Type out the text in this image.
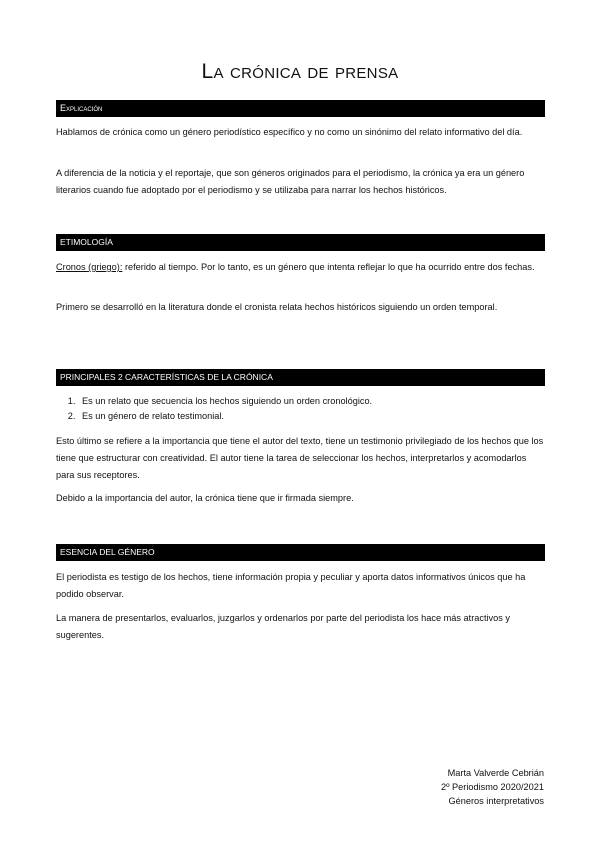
La crónica de prensa
Explicación

Hablamos de crónica como un género periodístico específico y no como un sinónimo del relato informativo del día.

A diferencia de la noticia y el reportaje, que son géneros originados para el periodismo, la crónica ya era un género literarios cuando fue adoptado por el periodismo y se utilizaba para narrar los hechos históricos.

ETIMOLOGÍA

Cronos (griego): referido al tiempo. Por lo tanto, es un género que intenta reflejar lo que ha ocurrido entre dos fechas.

Primero se desarrolló en la literatura donde el cronista relata hechos históricos siguiendo un orden temporal.

PRINCIPALES 2 CARACTERÍSTICAS DE LA CRÓNICA
1. Es un relato que secuencia los hechos siguiendo un orden cronológico.
2. Es un género de relato testimonial.

Esto último se refiere a la importancia que tiene el autor del texto, tiene un testimonio privilegiado de los hechos que los tiene que estructurar con creatividad. El autor tiene la tarea de seleccionar los hechos, interpretarlos y acomodarlos para sus receptores.

Debido a la importancia del autor, la crónica tiene que ir firmada siempre.

ESENCIA DEL GÉNERO

El periodista es testigo de los hechos, tiene información propia y peculiar y aporta datos informativos únicos que ha podido observar.

La manera de presentarlos, evaluarlos, juzgarlos y ordenarlos por parte del periodista los hace más atractivos y sugerentes.

Marta Valverde Cebrián
2º Periodismo 2020/2021
Géneros interpretativos
